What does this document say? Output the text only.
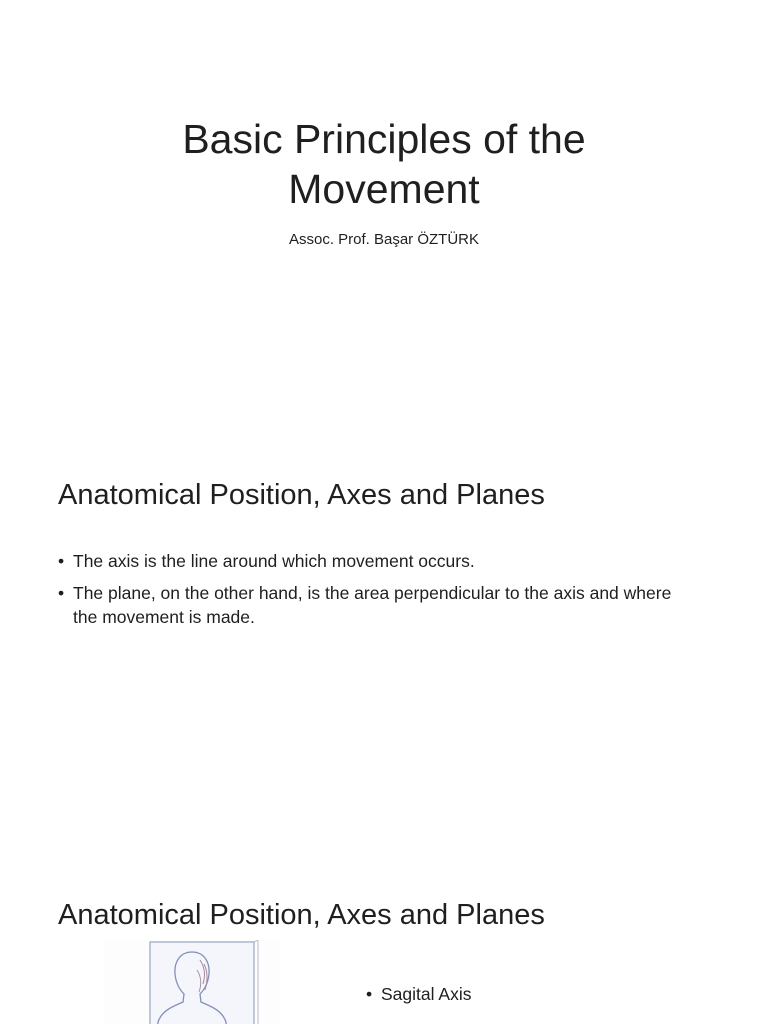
Basic Principles of the
Movement

Assoc. Prof. Başar ÖZTÜRK

Anatomical Position, Axes and Planes
• The axis is the line around which movement occurs.
• The plane, on the other hand, is the area perpendicular to the axis and where the movement is made.
Anatomical Position, Axes and Planes
• Sagital Axis
